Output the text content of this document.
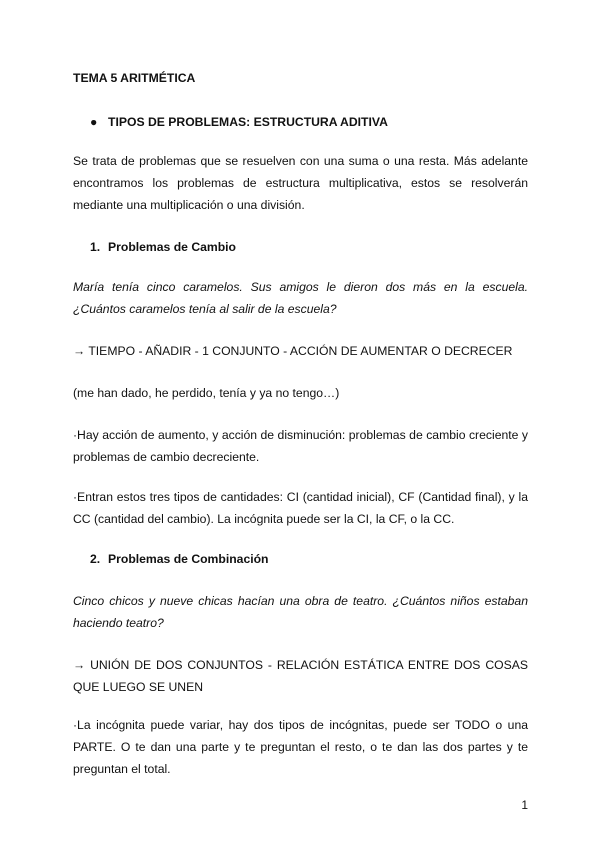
TEMA 5 ARITMÉTICA
● TIPOS DE PROBLEMAS: ESTRUCTURA ADITIVA
Se trata de problemas que se resuelven con una suma o una resta. Más adelante encontramos los problemas de estructura multiplicativa, estos se resolverán mediante una multiplicación o una división.
1. Problemas de Cambio
María tenía cinco caramelos. Sus amigos le dieron dos más en la escuela. ¿Cuántos caramelos tenía al salir de la escuela?
→ TIEMPO - AÑADIR - 1 CONJUNTO - ACCIÓN DE AUMENTAR O DECRECER
(me han dado, he perdido, tenía y ya no tengo…)
·Hay acción de aumento, y acción de disminución: problemas de cambio creciente y problemas de cambio decreciente.
·Entran estos tres tipos de cantidades: CI (cantidad inicial), CF (Cantidad final), y la CC (cantidad del cambio). La incógnita puede ser la CI, la CF, o la CC.
2. Problemas de Combinación
Cinco chicos y nueve chicas hacían una obra de teatro. ¿Cuántos niños estaban haciendo teatro?
→ UNIÓN DE DOS CONJUNTOS - RELACIÓN ESTÁTICA ENTRE DOS COSAS QUE LUEGO SE UNEN
·La incógnita puede variar, hay dos tipos de incógnitas, puede ser TODO o una PARTE. O te dan una parte y te preguntan el resto, o te dan las dos partes y te preguntan el total.
1
